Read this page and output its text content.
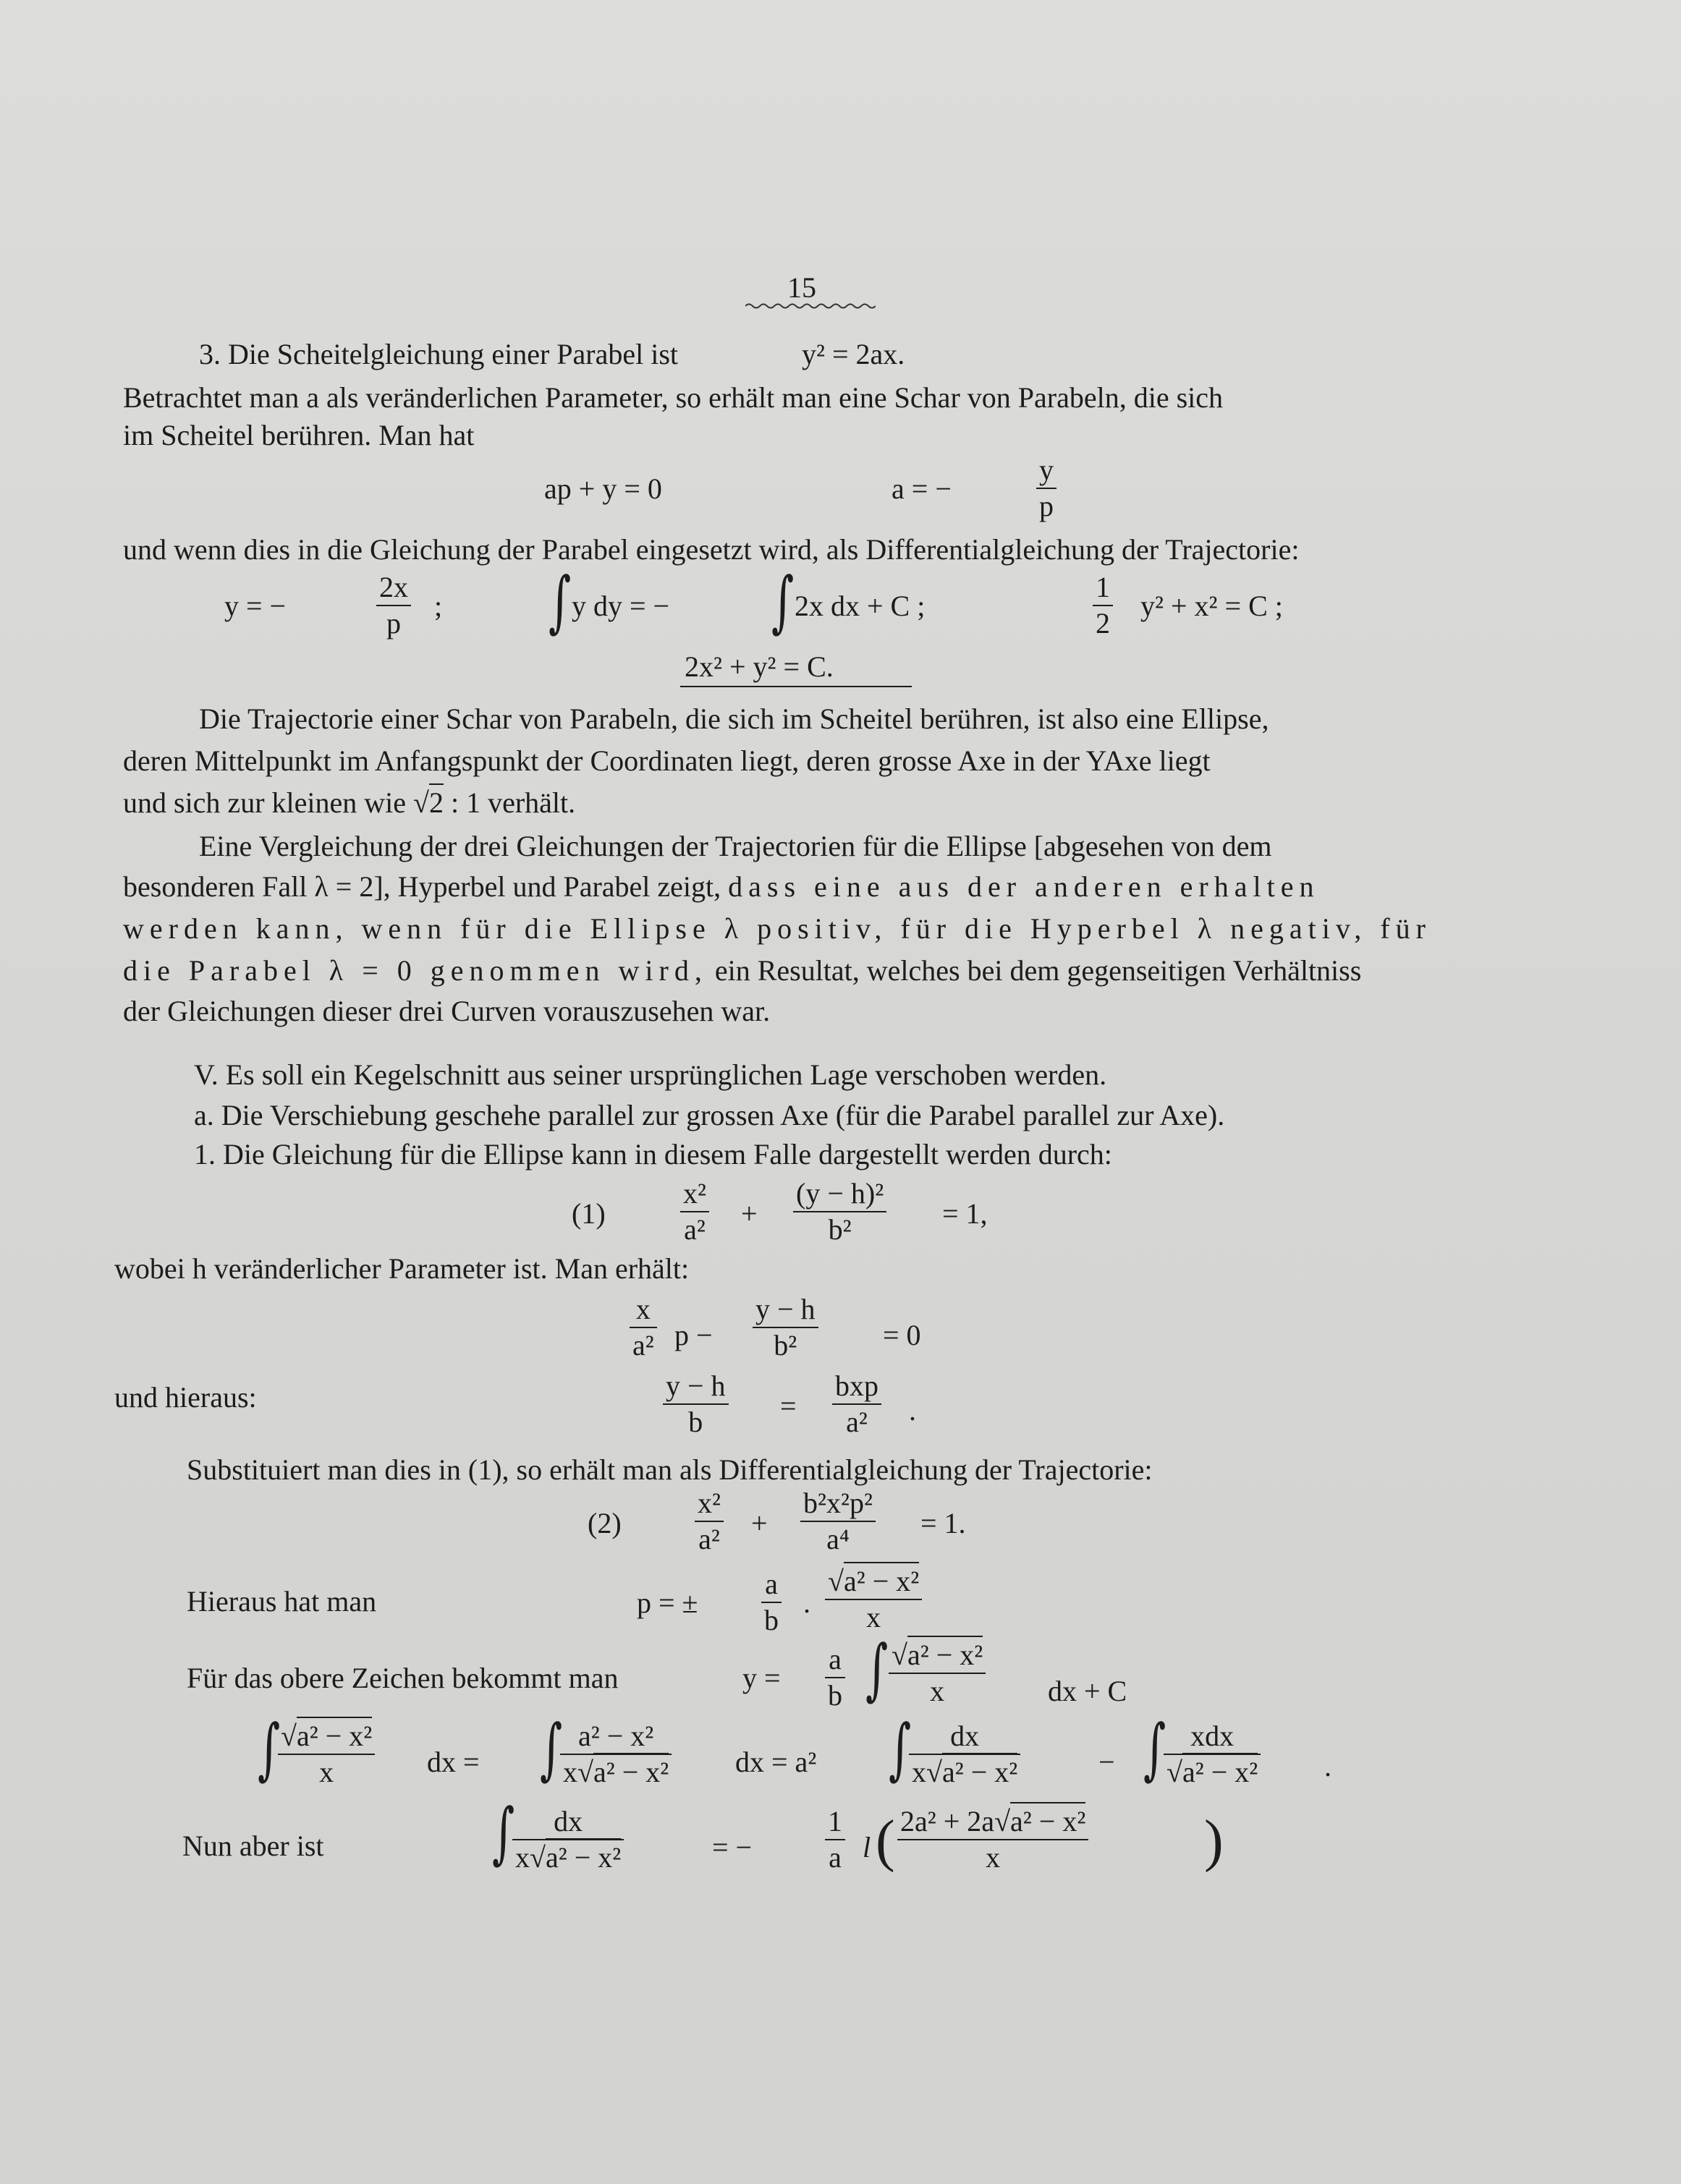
15
3. Die Scheitelgleichung einer Parabel ist	y² = 2ax.
Betrachtet man a als veränderlichen Parameter, so erhält man eine Schar von Parabeln, die sich
im Scheitel berühren. Man hat
ap + y = 0	a = −
y
p
und wenn dies in die Gleichung der Parabel eingesetzt wird, als Differentialgleichung der Trajectorie:
y = −
2x
p
; ∫ y dy = − ∫ 2x dx + C ;
1
2
y² + x² = C ;
2x² + y² = C.
Die Trajectorie einer Schar von Parabeln, die sich im Scheitel berühren, ist also eine Ellipse,
deren Mittelpunkt im Anfangspunkt der Coordinaten liegt, deren grosse Axe in der YAxe liegt
und sich zur kleinen wie √2 : 1 verhält.
Eine Vergleichung der drei Gleichungen der Trajectorien für die Ellipse [abgesehen von dem
besonderen Fall λ = 2], Hyperbel und Parabel zeigt, dass eine aus der anderen erhalten
werden kann, wenn für die Ellipse λ positiv, für die Hyperbel λ negativ, für
die Parabel λ = 0 genommen wird, ein Resultat, welches bei dem gegenseitigen Verhältniss
der Gleichungen dieser drei Curven vorauszusehen war.
V. Es soll ein Kegelschnitt aus seiner ursprünglichen Lage verschoben werden.
a. Die Verschiebung geschehe parallel zur grossen Axe (für die Parabel parallel zur Axe).
1. Die Gleichung für die Ellipse kann in diesem Falle dargestellt werden durch:
(1)
x²
a² +
(y − h)²
b²	= 1,
wobei h veränderlicher Parameter ist. Man erhält:
x
a² p −
y − h
b²	= 0
und hieraus:	y − h
b	=
bxp
a² .
Substituiert man dies in (1), so erhält man als Differentialgleichung der Trajectorie:
(2)
x²
a² +
b²x²p²
a⁴ = 1.
Hieraus hat man	p = ±
a
b
.
√a² − x²
x
Für das obere Zeichen bekommt man	y =
a
b ∫ √a² − x²
x	dx + C
∫ √a² − x²
x	dx = ∫ a² − x²
x√a² − x² dx = a² ∫ dx
x√a² − x²	− ∫ xdx
√a² − x² .
Nun aber ist	∫ dx
x√a² − x²	= −
1
a l ( 2a² + 2a√a² − x²
x	)
